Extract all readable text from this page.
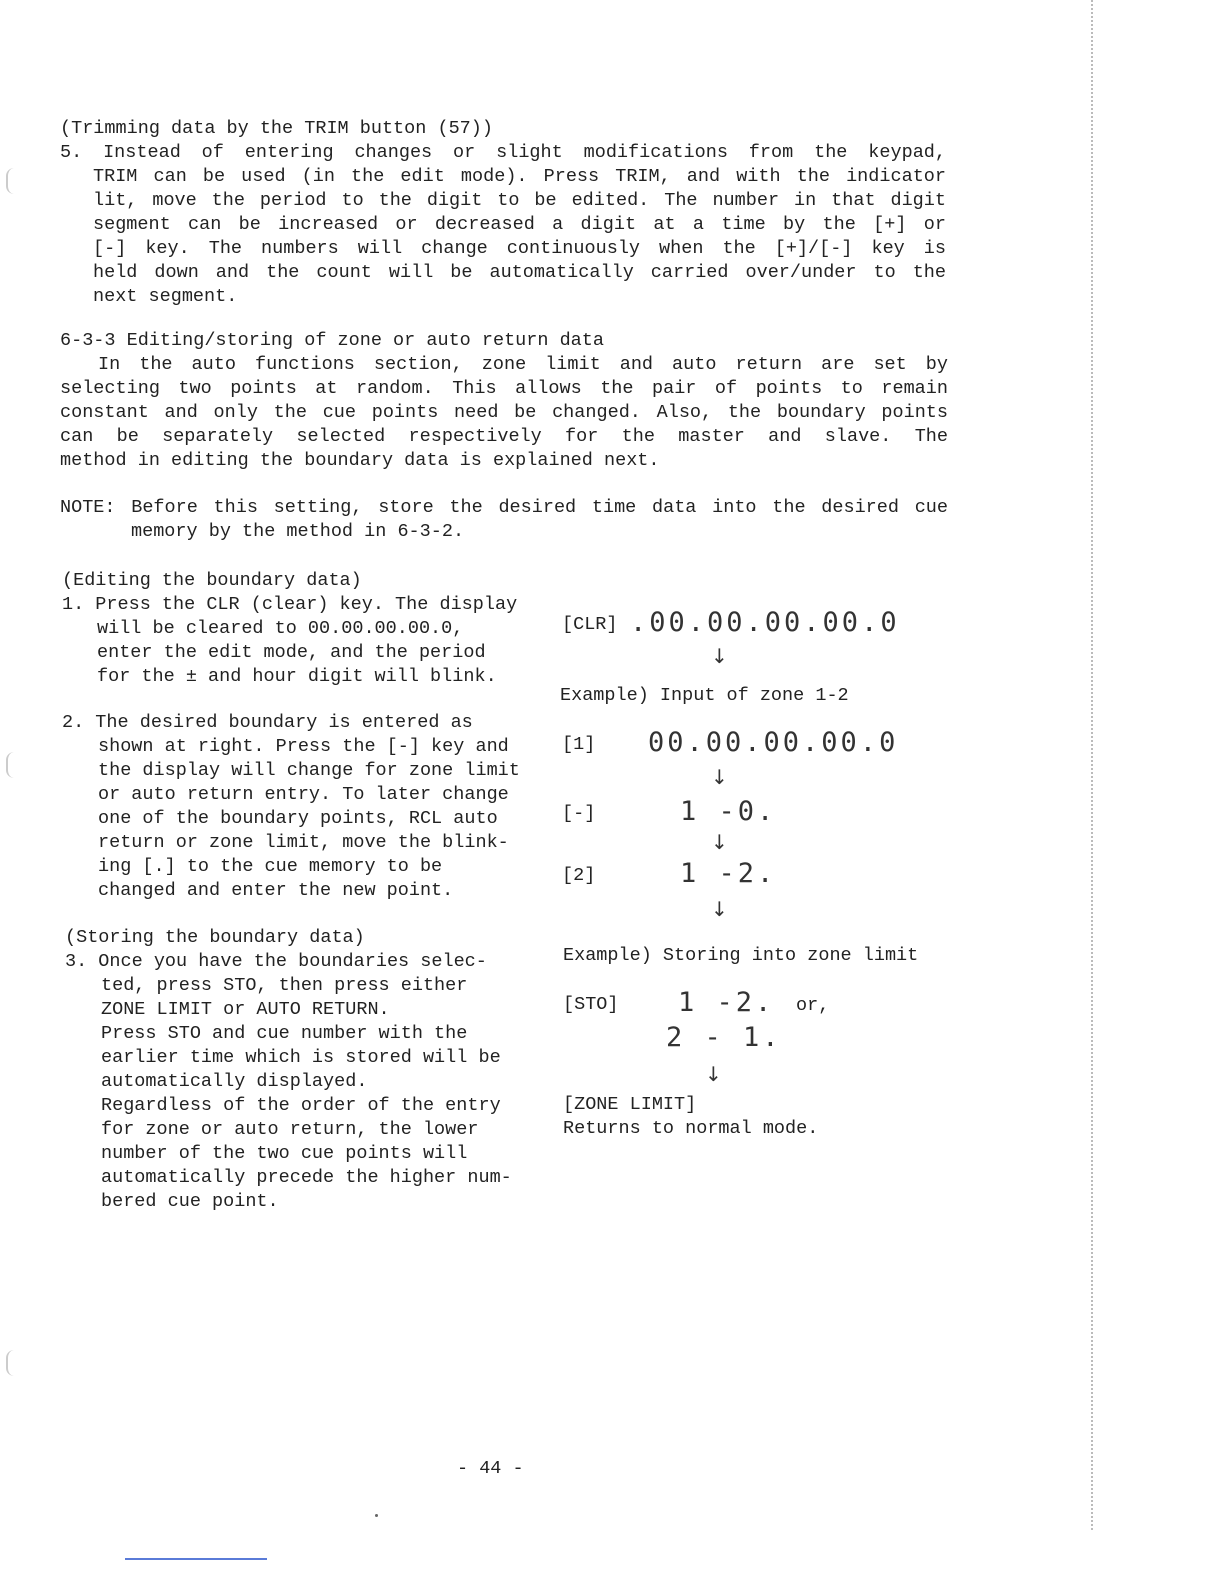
(Trimming data by the TRIM button (57))
5. Instead of entering changes or slight modifications from the keypad,
TRIM can be used (in the edit mode). Press TRIM, and with the indicator
lit, move the period to the digit to be edited. The number in that digit
segment can be increased or decreased a digit at a time by the [+] or
[-] key. The numbers will change continuously when the [+]/[-] key is
held down and the count will be automatically carried over/under to the
next segment.
6-3-3 Editing/storing of zone or auto return data
In the auto functions section, zone limit and auto return are set by
selecting two points at random. This allows the pair of points to remain
constant and only the cue points need be changed. Also, the boundary points
can be separately selected respectively for the master and slave. The
method in editing the boundary data is explained next.
NOTE: Before this setting, store the desired time data into the desired cue
memory by the method in 6-3-2.
(Editing the boundary data)
1. Press the CLR (clear) key. The display
will be cleared to 00.00.00.00.0,
enter the edit mode, and the period
for the ± and hour digit will blink.
2. The desired boundary is entered as
shown at right. Press the [-] key and
the display will change for zone limit
or auto return entry. To later change
one of the boundary points, RCL auto
return or zone limit, move the blink-
ing [.] to the cue memory to be
changed and enter the new point.
(Storing the boundary data)
3. Once you have the boundaries selec-
ted, press STO, then press either
ZONE LIMIT or AUTO RETURN.
Press STO and cue number with the
earlier time which is stored will be
automatically displayed.
Regardless of the order of the entry
for zone or auto return, the lower
number of the two cue points will
automatically precede the higher num-
bered cue point.
[CLR] .00.00.00.00.0
↓
Example) Input of zone 1-2
[1] 00.00.00.00.0
↓
[-]	1 -0.
↓
[2]	1 -2.
↓
Example) Storing into zone limit
[STO] 1 -2. or,
2 - 1.
↓
[ZONE LIMIT]
Returns to normal mode.
- 44 -
